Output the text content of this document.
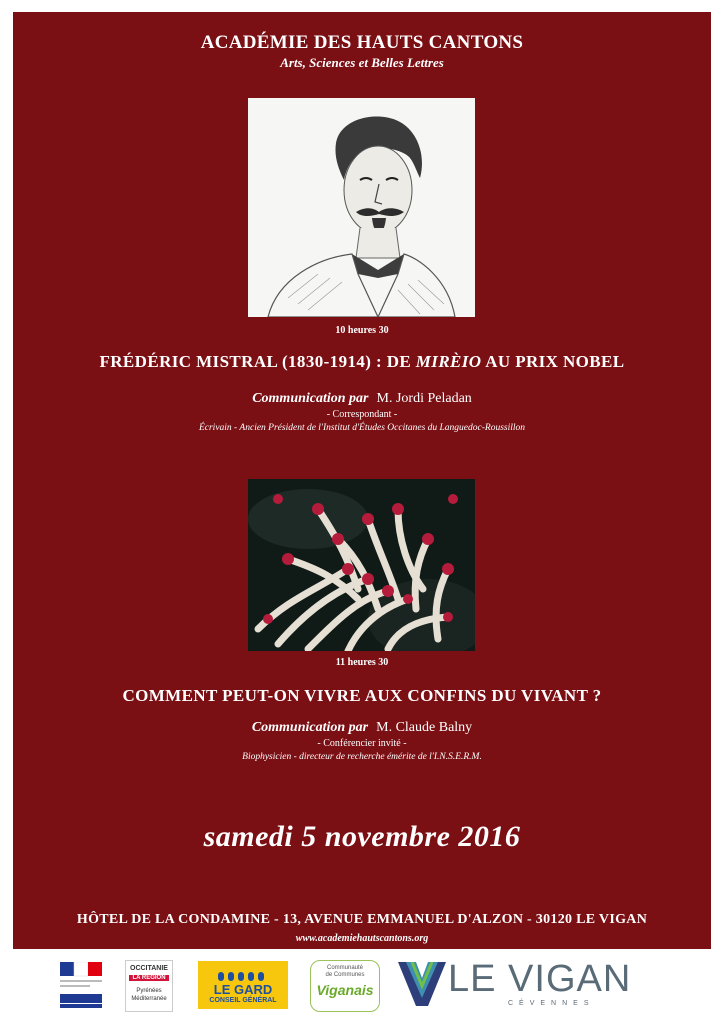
ACADÉMIE DES HAUTS CANTONS
Arts, Sciences et Belles Lettres
10 heures 30
FRÉDÉRIC MISTRAL (1830-1914) : DE MIRÈIO AU PRIX NOBEL
Communication par M. Jordi Peladan
- Correspondant -
Écrivain - Ancien Président de l'Institut d'Études Occitanes du Languedoc-Roussillon
11 heures 30
COMMENT PEUT-ON VIVRE AUX CONFINS DU VIVANT ?
Communication par M. Claude Balny
- Conférencier invité -
Biophysicien - directeur de recherche émérite de l'I.N.S.E.R.M.
samedi 5 novembre 2016
HÔTEL DE LA CONDAMINE - 13, AVENUE EMMANUEL D'ALZON - 30120 LE VIGAN
www.academiehautscantons.org
OCCITANIE
LA RÉGION
Pyrénées
Méditerranée
LE GARD
CONSEIL GÉNÉRAL
Communauté
de Communes
Viganais LE VIGAN
CÉVENNES
